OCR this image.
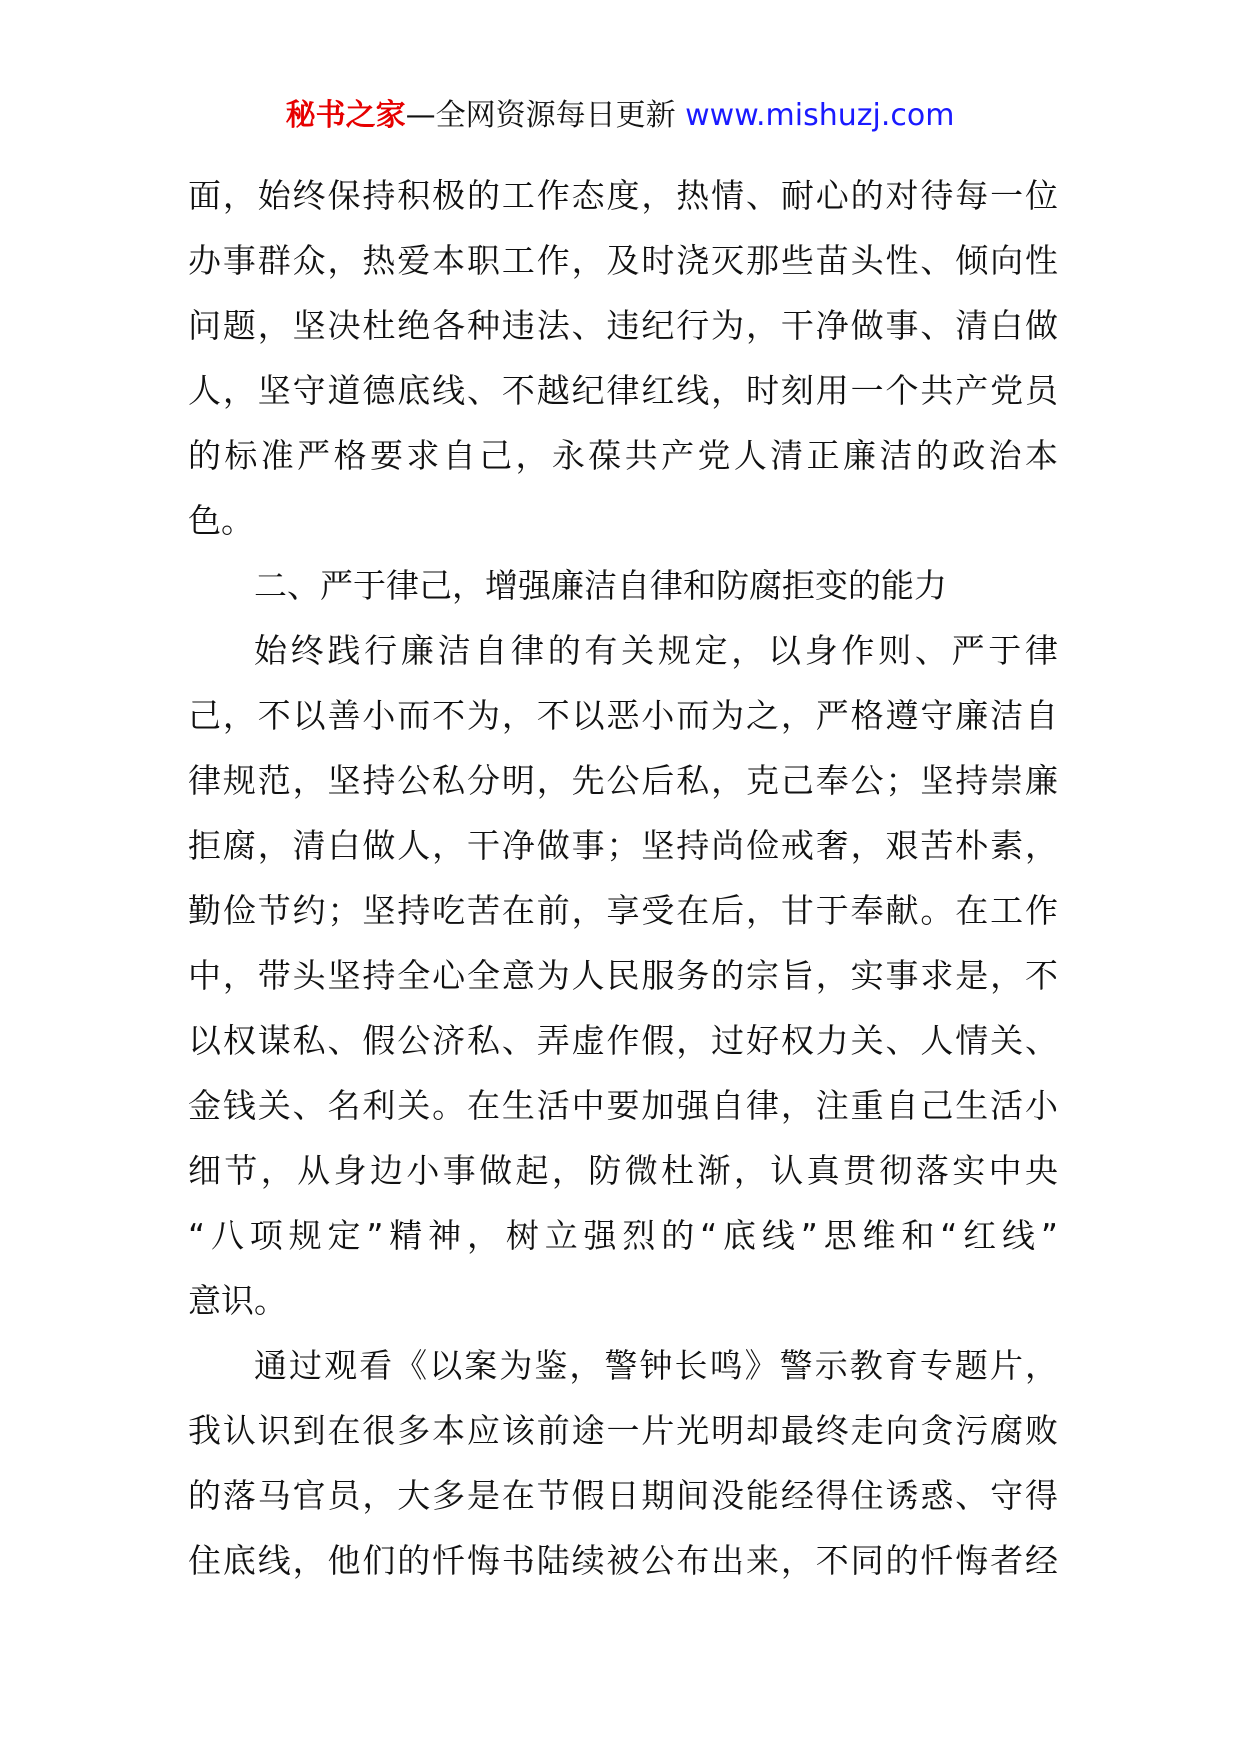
秘书之家—全网资源每日更新 www.mishuzj.com
面，始终保持积极的工作态度，热情、耐心的对待每一位
办事群众，热爱本职工作，及时浇灭那些苗头性、倾向性
问题，坚决杜绝各种违法、违纪行为，干净做事、清白做
人，坚守道德底线、不越纪律红线，时刻用一个共产党员
的标准严格要求自己，永葆共产党人清正廉洁的政治本
色。
二、严于律己，增强廉洁自律和防腐拒变的能力
始终践行廉洁自律的有关规定，以身作则、严于律
己，不以善小而不为，不以恶小而为之，严格遵守廉洁自
律规范，坚持公私分明，先公后私，克己奉公；坚持崇廉
拒腐，清白做人，干净做事；坚持尚俭戒奢，艰苦朴素，
勤俭节约；坚持吃苦在前，享受在后，甘于奉献。在工作
中，带头坚持全心全意为人民服务的宗旨，实事求是，不
以权谋私、假公济私、弄虚作假，过好权力关、人情关、
金钱关、名利关。在生活中要加强自律，注重自己生活小
细节，从身边小事做起，防微杜渐，认真贯彻落实中央
“八项规定”精神，树立强烈的“底线”思维和“红线”
意识。
通过观看《以案为鉴，警钟长鸣》警示教育专题片，
我认识到在很多本应该前途一片光明却最终走向贪污腐败
的落马官员，大多是在节假日期间没能经得住诱惑、守得
住底线，他们的忏悔书陆续被公布出来，不同的忏悔者经
